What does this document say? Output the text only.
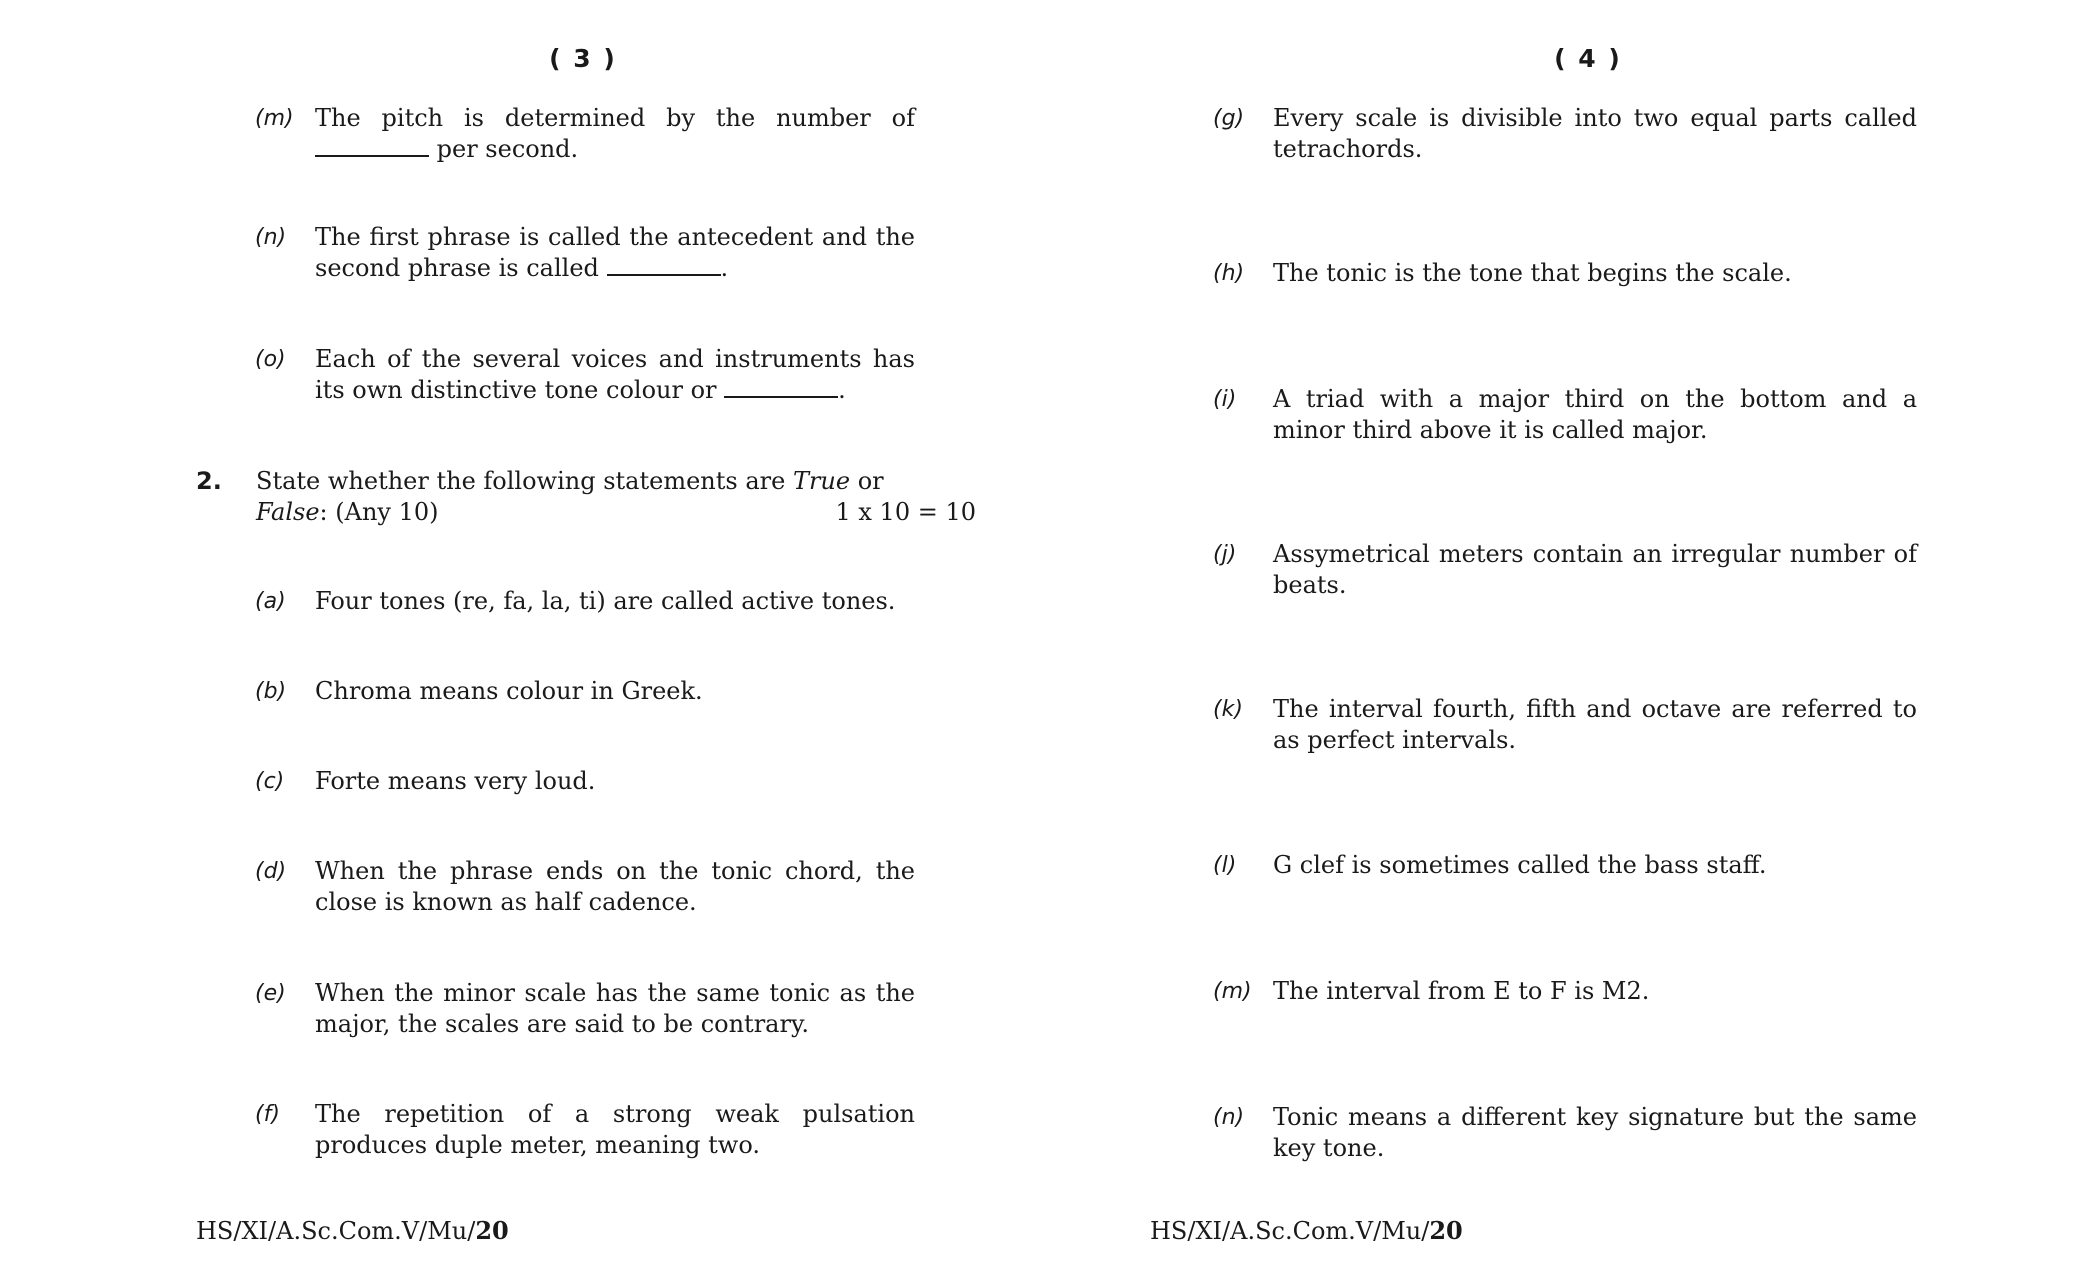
( 3 )
(m) The pitch is determined by the number of  per second.
(n) The first phrase is called the antecedent and the second phrase is called	.
(o) Each of the several voices and instruments has its own distinctive tone colour or	.
2. State whether the following statements are True or False: (Any 10)	1 x 10 = 10
(a) Four tones (re, fa, la, ti) are called active tones.
(b) Chroma means colour in Greek.
(c) Forte means very loud.
(d) When the phrase ends on the tonic chord, the close is known as half cadence.
(e) When the minor scale has the same tonic as the major, the scales are said to be contrary.
(f) The repetition of a strong weak pulsation produces duple meter, meaning two.
HS/XI/A.Sc.Com.V/Mu/20
( 4 )
(g) Every scale is divisible into two equal parts called tetrachords.
(h) The tonic is the tone that begins the scale.
(i) A triad with a major third on the bottom and a minor third above it is called major.
(j) Assymetrical meters contain an irregular number of beats.
(k) The interval fourth, fifth and octave are referred to as perfect intervals.
(l) G clef is sometimes called the bass staff.
(m) The interval from E to F is M2.
(n) Tonic means a different key signature but the same key tone.
HS/XI/A.Sc.Com.V/Mu/20
